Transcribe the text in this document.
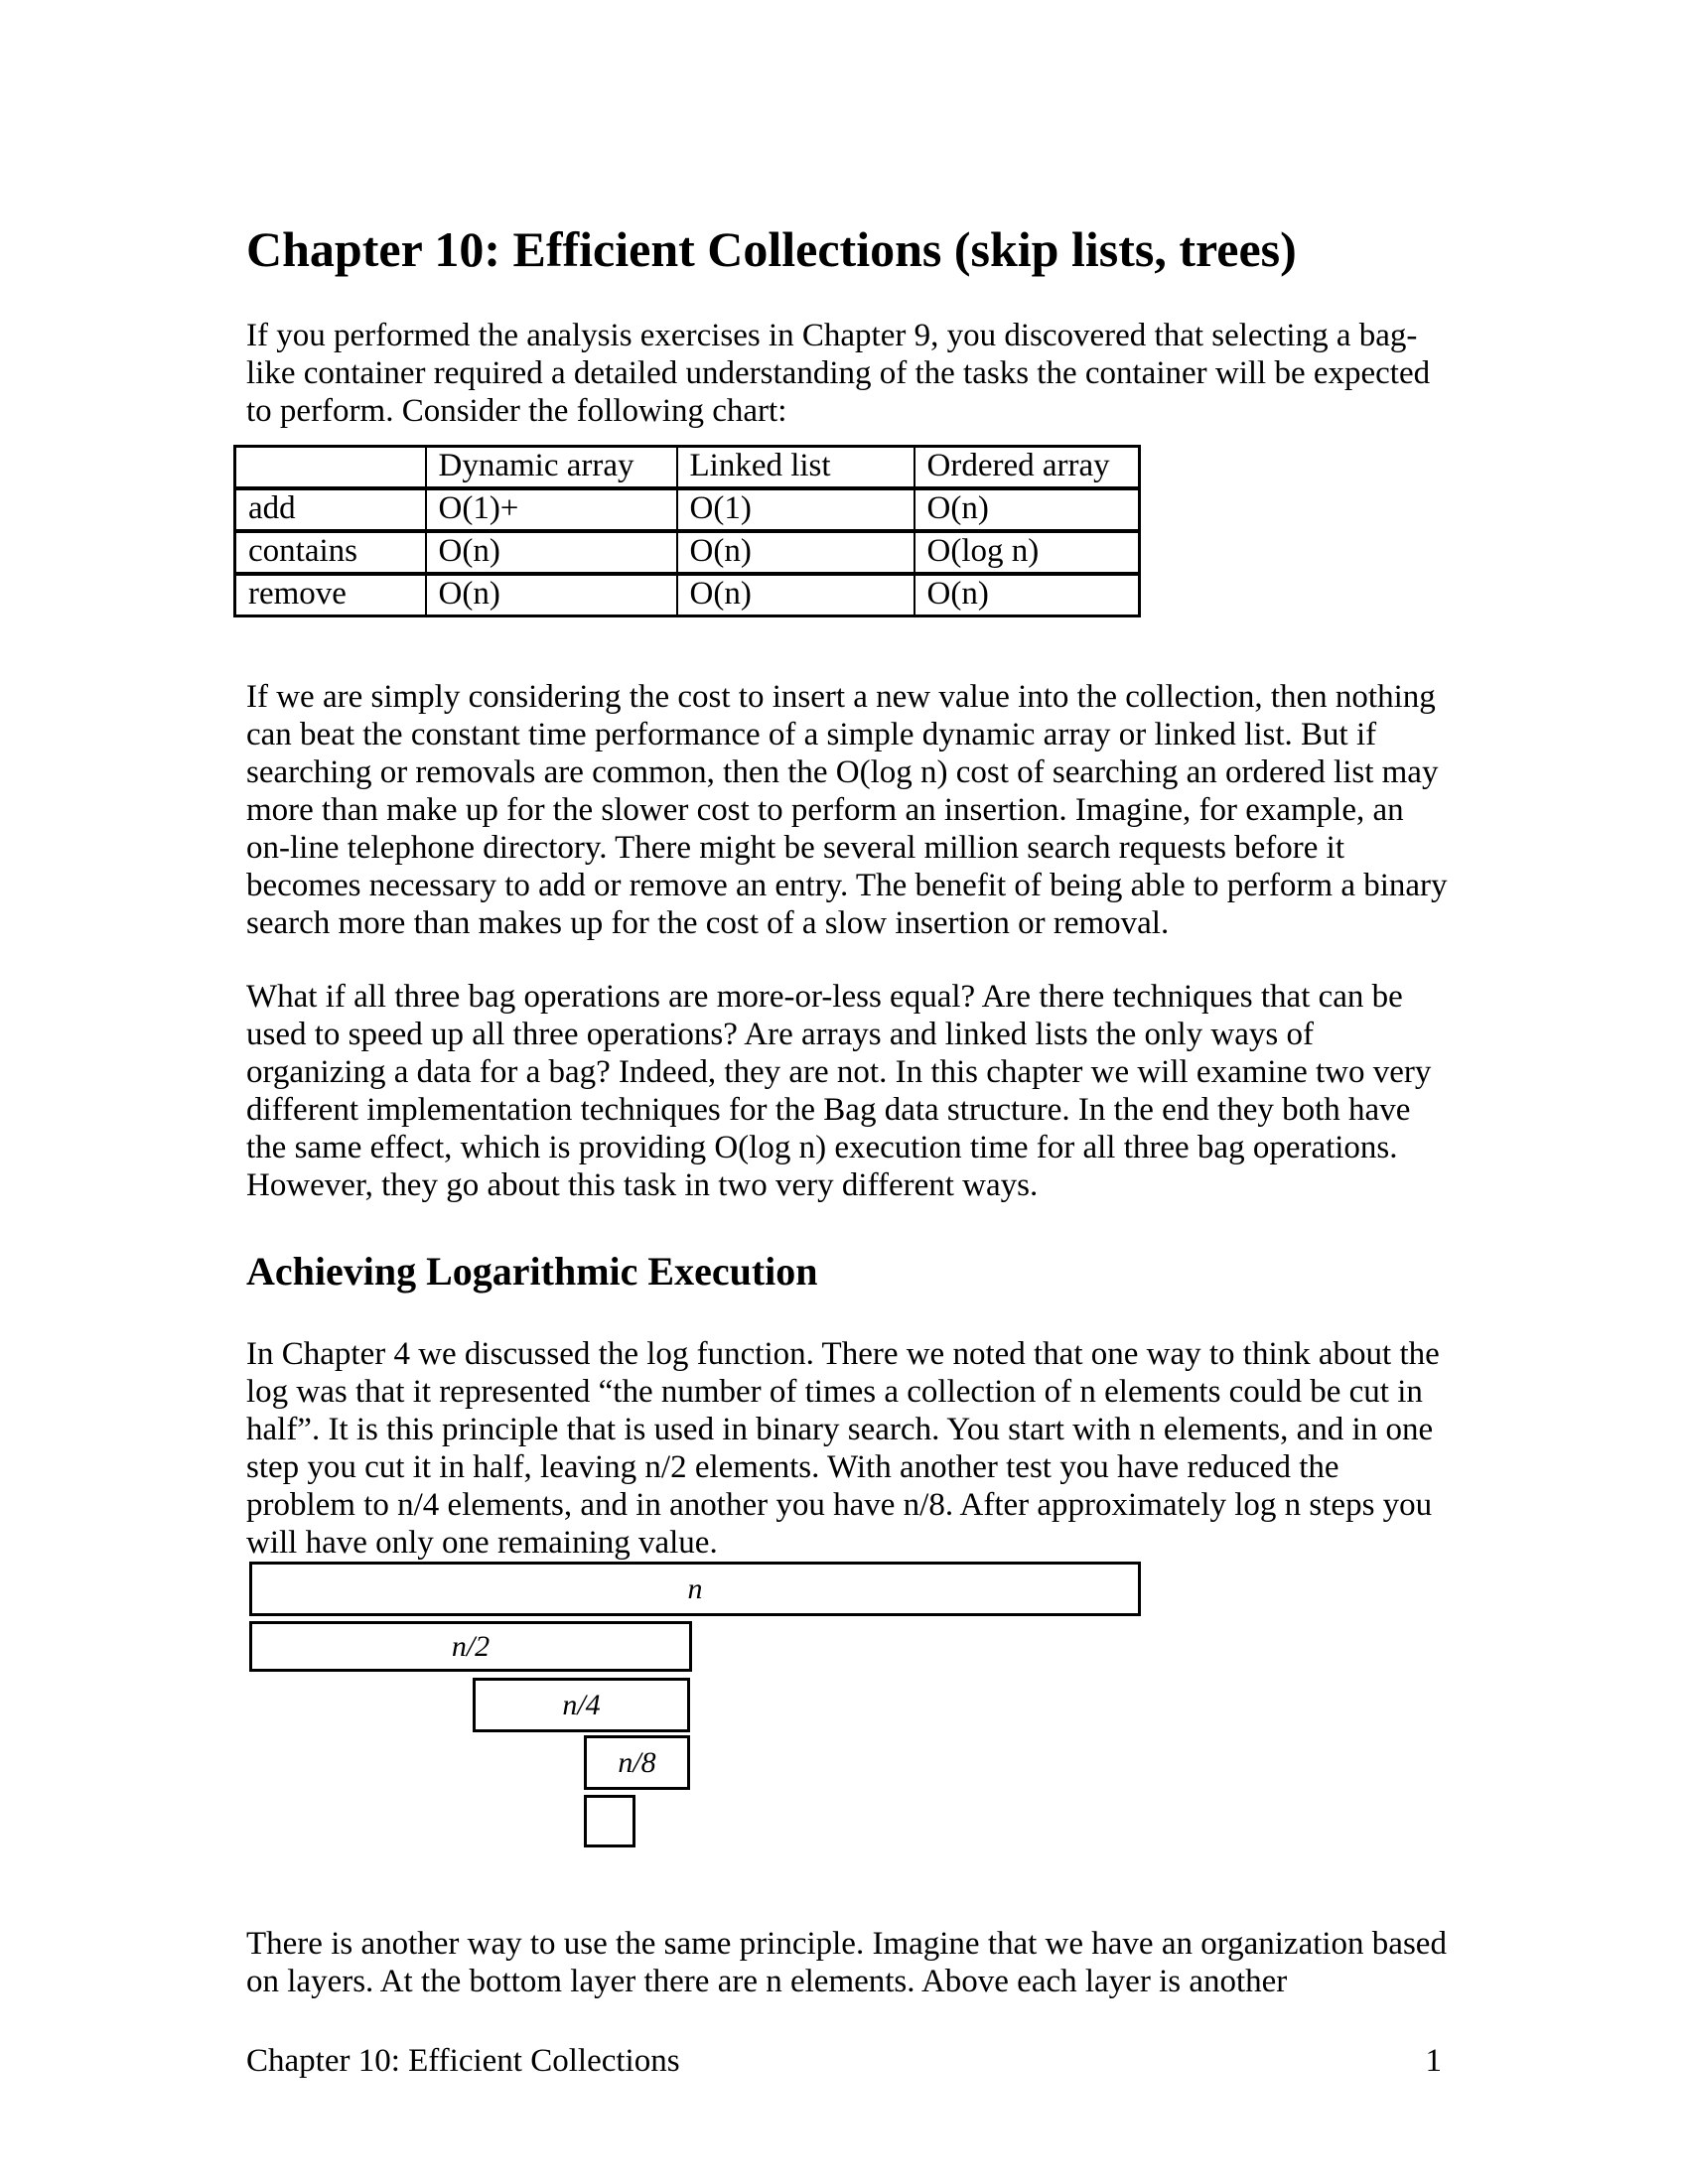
Chapter 10: Efficient Collections (skip lists, trees)

If you performed the analysis exercises in Chapter 9, you discovered that selecting a bag-like container required a detailed understanding of the tasks the container will be expected to perform. Consider the following chart:

	Dynamic array	Linked list	Ordered array
add	O(1)+	O(1)	O(n)
contains	O(n)	O(n)	O(log n)
remove	O(n)	O(n)	O(n)

If we are simply considering the cost to insert a new value into the collection, then nothing can beat the constant time performance of a simple dynamic array or linked list. But if searching or removals are common, then the O(log n) cost of searching an ordered list may more than make up for the slower cost to perform an insertion. Imagine, for example, an on-line telephone directory. There might be several million search requests before it becomes necessary to add or remove an entry. The benefit of being able to perform a binary search more than makes up for the cost of a slow insertion or removal.

What if all three bag operations are more-or-less equal? Are there techniques that can be used to speed up all three operations? Are arrays and linked lists the only ways of organizing a data for a bag? Indeed, they are not. In this chapter we will examine two very different implementation techniques for the Bag data structure. In the end they both have the same effect, which is providing O(log n) execution time for all three bag operations. However, they go about this task in two very different ways.

Achieving Logarithmic Execution

In Chapter 4 we discussed the log function. There we noted that one way to think about the log was that it represented “the number of times a collection of n elements could be cut in half”. It is this principle that is used in binary search. You start with n elements, and in one step you cut it in half, leaving n/2 elements. With another test you have reduced the problem to n/4 elements, and in another you have n/8. After approximately log n steps you will have only one remaining value.

n
n/2
n/4
n/8

There is another way to use the same principle. Imagine that we have an organization based on layers. At the bottom layer there are n elements. Above each layer is another

Chapter 10: Efficient Collections	1
